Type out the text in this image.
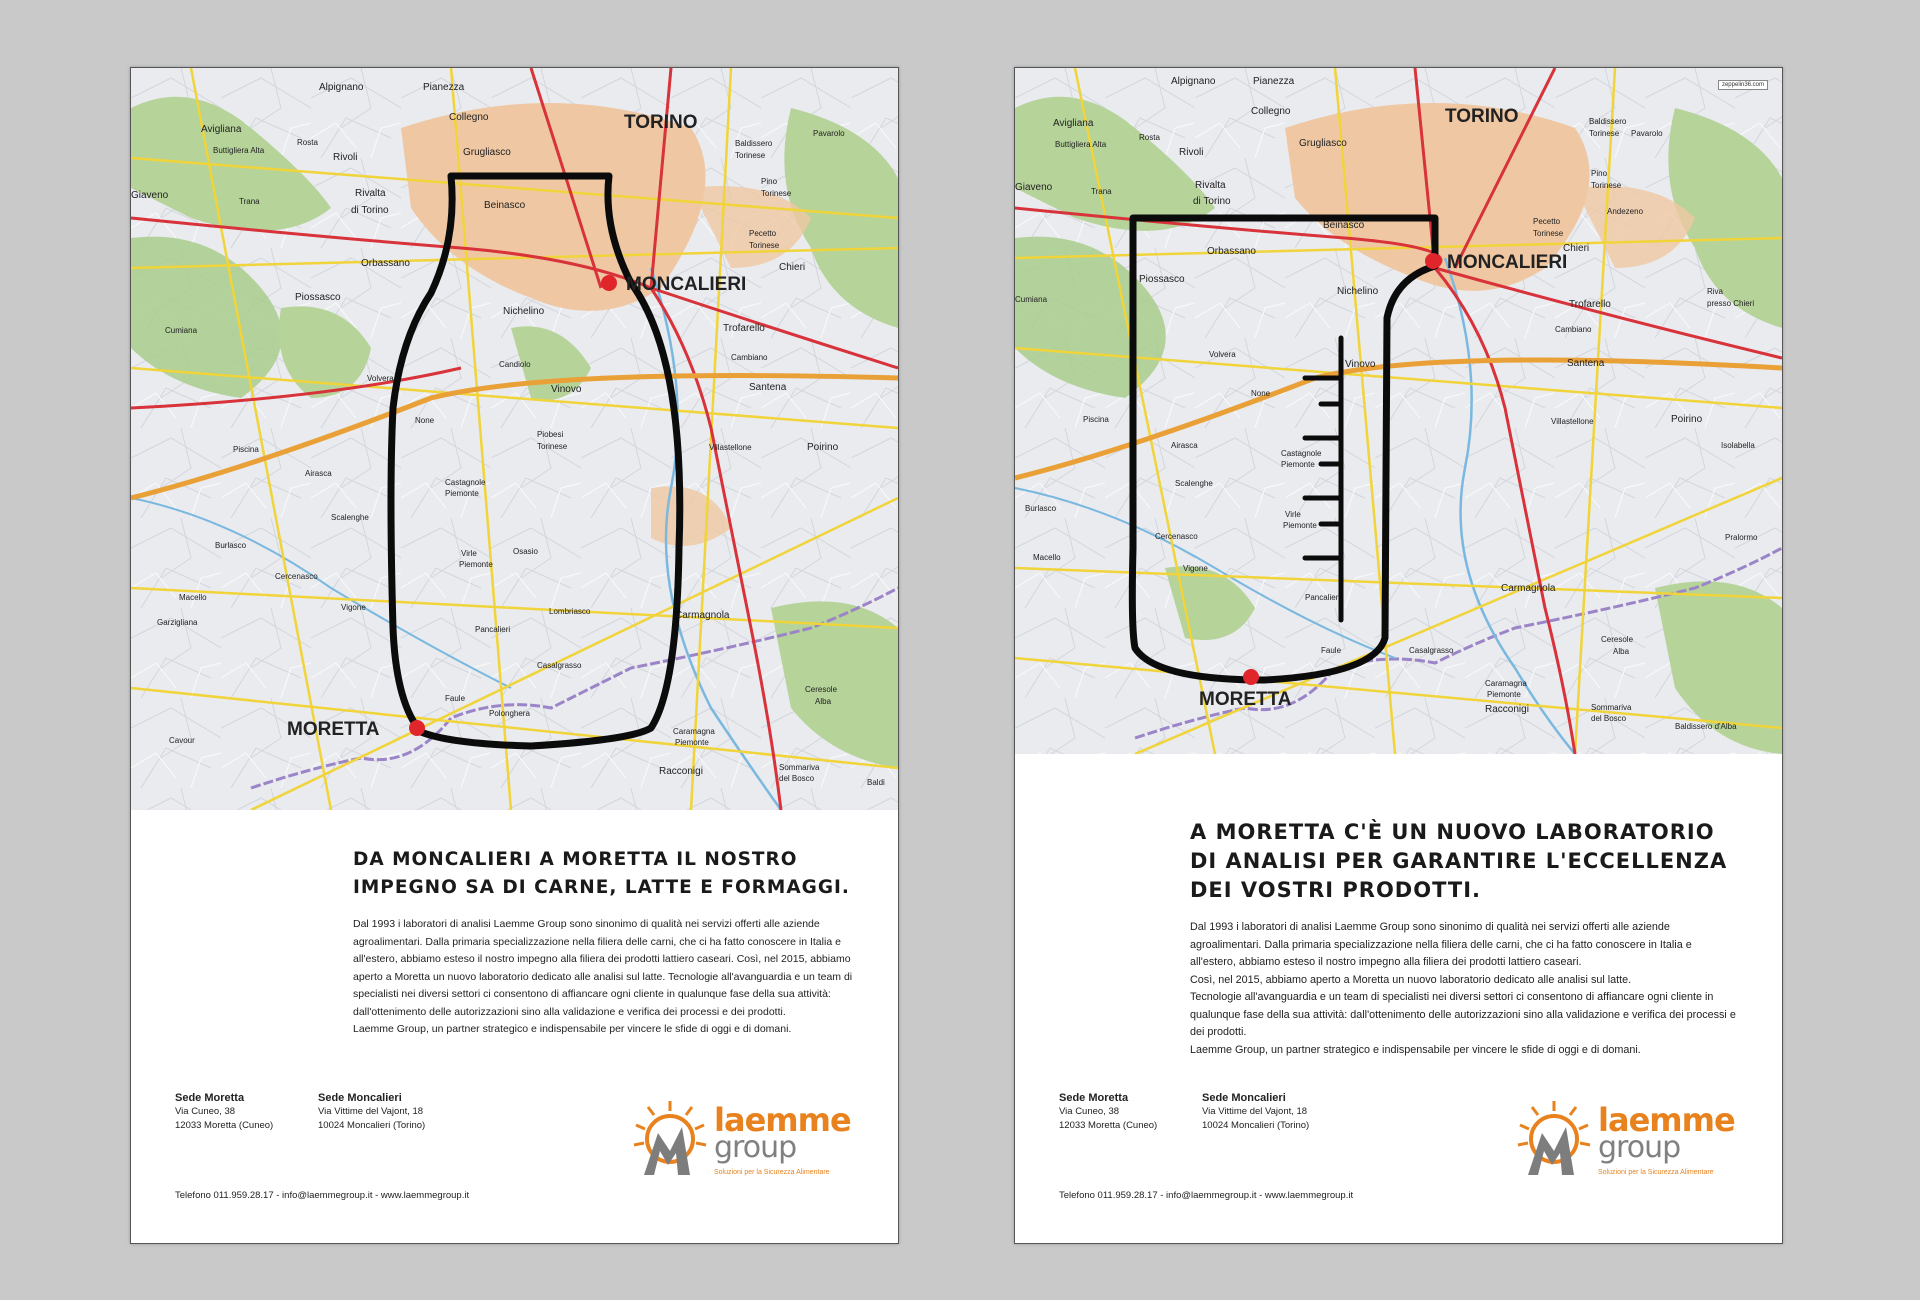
Alpignano	Pianezza
Collegno
Avigliana
Buttigliera Alta
Rosta
Rivoli	Grugliasco
Giaveno
Trana
Rivalta
di Torino	Beinasco
Orbassano
Piossasco
Nichelino
Cumiana	Trofarello
Cambiano
Santena
Volvera
Candiolo
Vinovo
None
Piobesi
Torinese	Villastellone	Poirino
Piscina
Airasca
Castagnole
Piemonte
Scalenghe
Virle
Piemonte
Osasio
Burlasco
Cercenasco
Carmagnola
Macello
Vigone	Lombriasco
Garzigliana
Pancalieri
Casalgrasso
Faule
Polonghera
Cavour
Racconigi
Ceresole
Alba
Caramagna
Piemonte
Sommariva
del Bosco
Baldissero
Torinese
Pavarolo
Pino
Torinese
Pecetto
Torinese
Chieri
Baldi
TORINO
MONCALIERI
MORETTA
DA MONCALIERI A MORETTA IL NOSTRO IMPEGNO SA DI CARNE, LATTE E FORMAGGI.

Dal 1993 i laboratori di analisi Laemme Group sono sinonimo di qualità nei servizi offerti alle aziende agroalimentari. Dalla primaria specializzazione nella filiera delle carni, che ci ha fatto conoscere in Italia e all'estero, abbiamo esteso il nostro impegno alla filiera dei prodotti lattiero caseari. Così, nel 2015, abbiamo aperto a Moretta un nuovo laboratorio dedicato alle analisi sul latte. Tecnologie all'avanguardia e un team di specialisti nei diversi settori ci consentono di affiancare ogni cliente in qualunque fase della sua attività: dall'ottenimento delle autorizzazioni sino alla validazione e verifica dei processi e dei prodotti.

Laemme Group, un partner strategico e indispensabile per vincere le sfide di oggi e di domani.

Sede Moretta
Via Cuneo, 38
12033 Moretta (Cuneo)
Sede Moncalieri
Via Vittime del Vajont, 18
10024 Moncalieri (Torino)
Telefono 011.959.28.17 - info@laemmegroup.it - www.laemmegroup.it
laemme
group
Soluzioni per la Sicurezza Alimentare
Alpignano	Pianezza
Collegno
Avigliana
Buttigliera Alta
Rosta
Rivoli
Grugliasco
Giaveno	Trana
Rivalta
di Torino
Beinasco
Orbassano
Piossasco
Nichelino
Cumiana	Trofarello
Cambiano
Santena
Volvera
Vinovo
None
Poirino
Villastellone
Piscina
Airasca
Castagnole
Piemonte
Scalenghe
Virle
Piemonte
Burlasco
Cercenasco
Carmagnola
Macello
Vigone
Pancalieri
Faule	Casalgrasso
Racconigi
Ceresole
Alba
Caramagna
Piemonte
Sommariva
del Bosco
Baldissero d'Alba
Baldissero
Torinese Pavarolo
Pino
Torinese
Andezeno
Pecetto
Torinese
Chieri
Riva
presso Chieri
Isolabella
Pralormo
TORINO
MONCALIERI
MORETTA
zeppelin36.com
A MORETTA C'È UN NUOVO LABORATORIO DI ANALISI PER GARANTIRE L'ECCELLENZA DEI VOSTRI PRODOTTI.

Dal 1993 i laboratori di analisi Laemme Group sono sinonimo di qualità nei servizi offerti alle aziende agroalimentari. Dalla primaria specializzazione nella filiera delle carni, che ci ha fatto conoscere in Italia e all'estero, abbiamo esteso il nostro impegno alla filiera dei prodotti lattiero caseari.

Così, nel 2015, abbiamo aperto a Moretta un nuovo laboratorio dedicato alle analisi sul latte.

Tecnologie all'avanguardia e un team di specialisti nei diversi settori ci consentono di affiancare ogni cliente in qualunque fase della sua attività: dall'ottenimento delle autorizzazioni sino alla validazione e verifica dei processi e dei prodotti.

Laemme Group, un partner strategico e indispensabile per vincere le sfide di oggi e di domani.

Sede Moretta
Via Cuneo, 38
12033 Moretta (Cuneo)
Sede Moncalieri
Via Vittime del Vajont, 18
10024 Moncalieri (Torino)
Telefono 011.959.28.17 - info@laemmegroup.it - www.laemmegroup.it
laemme
group
Soluzioni per la Sicurezza Alimentare
